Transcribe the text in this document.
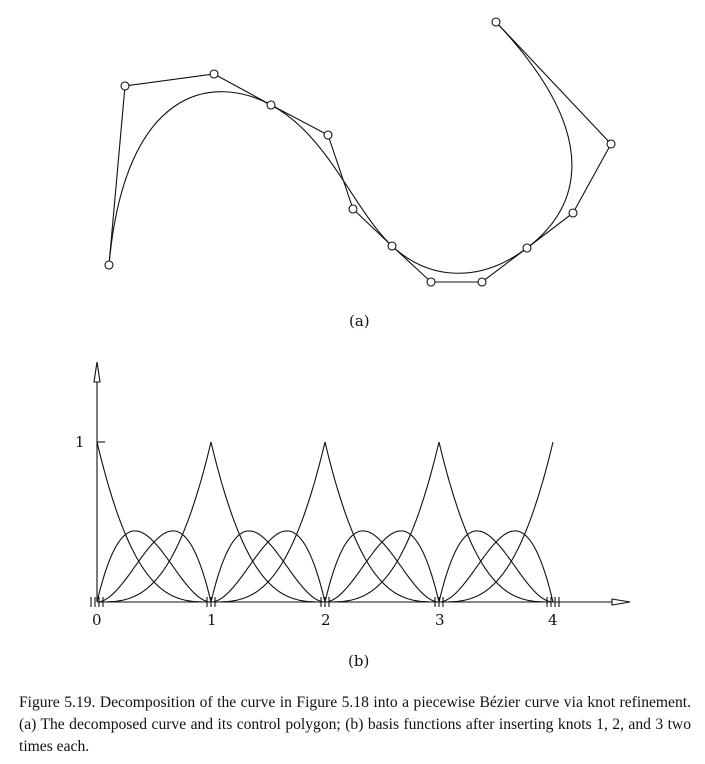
(a)
1
0	1	2	3	4
(b)
Figure 5.19. Decomposition of the curve in Figure 5.18 into a piecewise Bézier curve via knot refinement. (a) The decomposed curve and its control polygon; (b) basis functions after inserting knots 1, 2, and 3 two times each.
